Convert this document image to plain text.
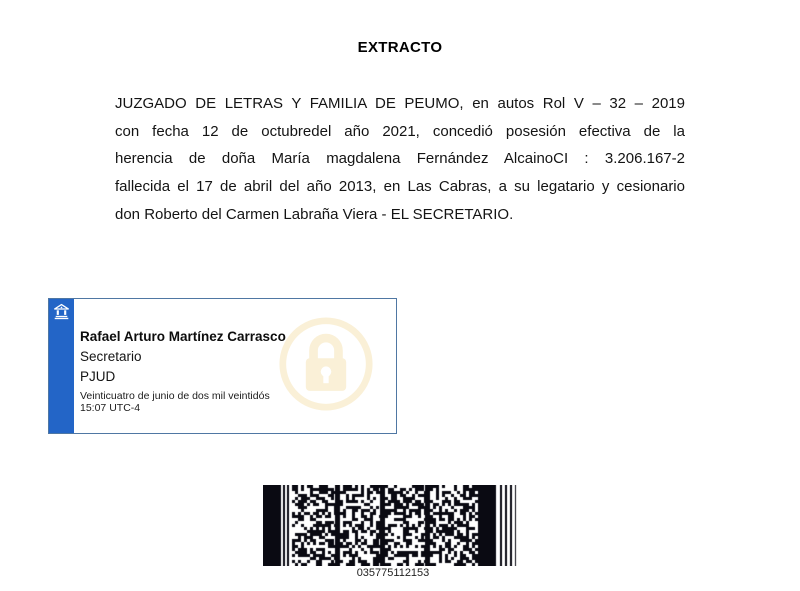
EXTRACTO
JUZGADO DE LETRAS Y FAMILIA DE PEUMO, en autos Rol V – 32 – 2019
con fecha 12 de octubredel año 2021, concedió posesión efectiva de la
herencia de doña María magdalena Fernández AlcainoCI : 3.206.167-2
fallecida el 17 de abril del año 2013, en Las Cabras, a su legatario y cesionario
don Roberto del Carmen Labraña Viera - EL SECRETARIO.

Rafael Arturo Martínez Carrasco

Secretario

PJUD

Veinticuatro de junio de dos mil veintidós

15:07 UTC-4

035775112153
